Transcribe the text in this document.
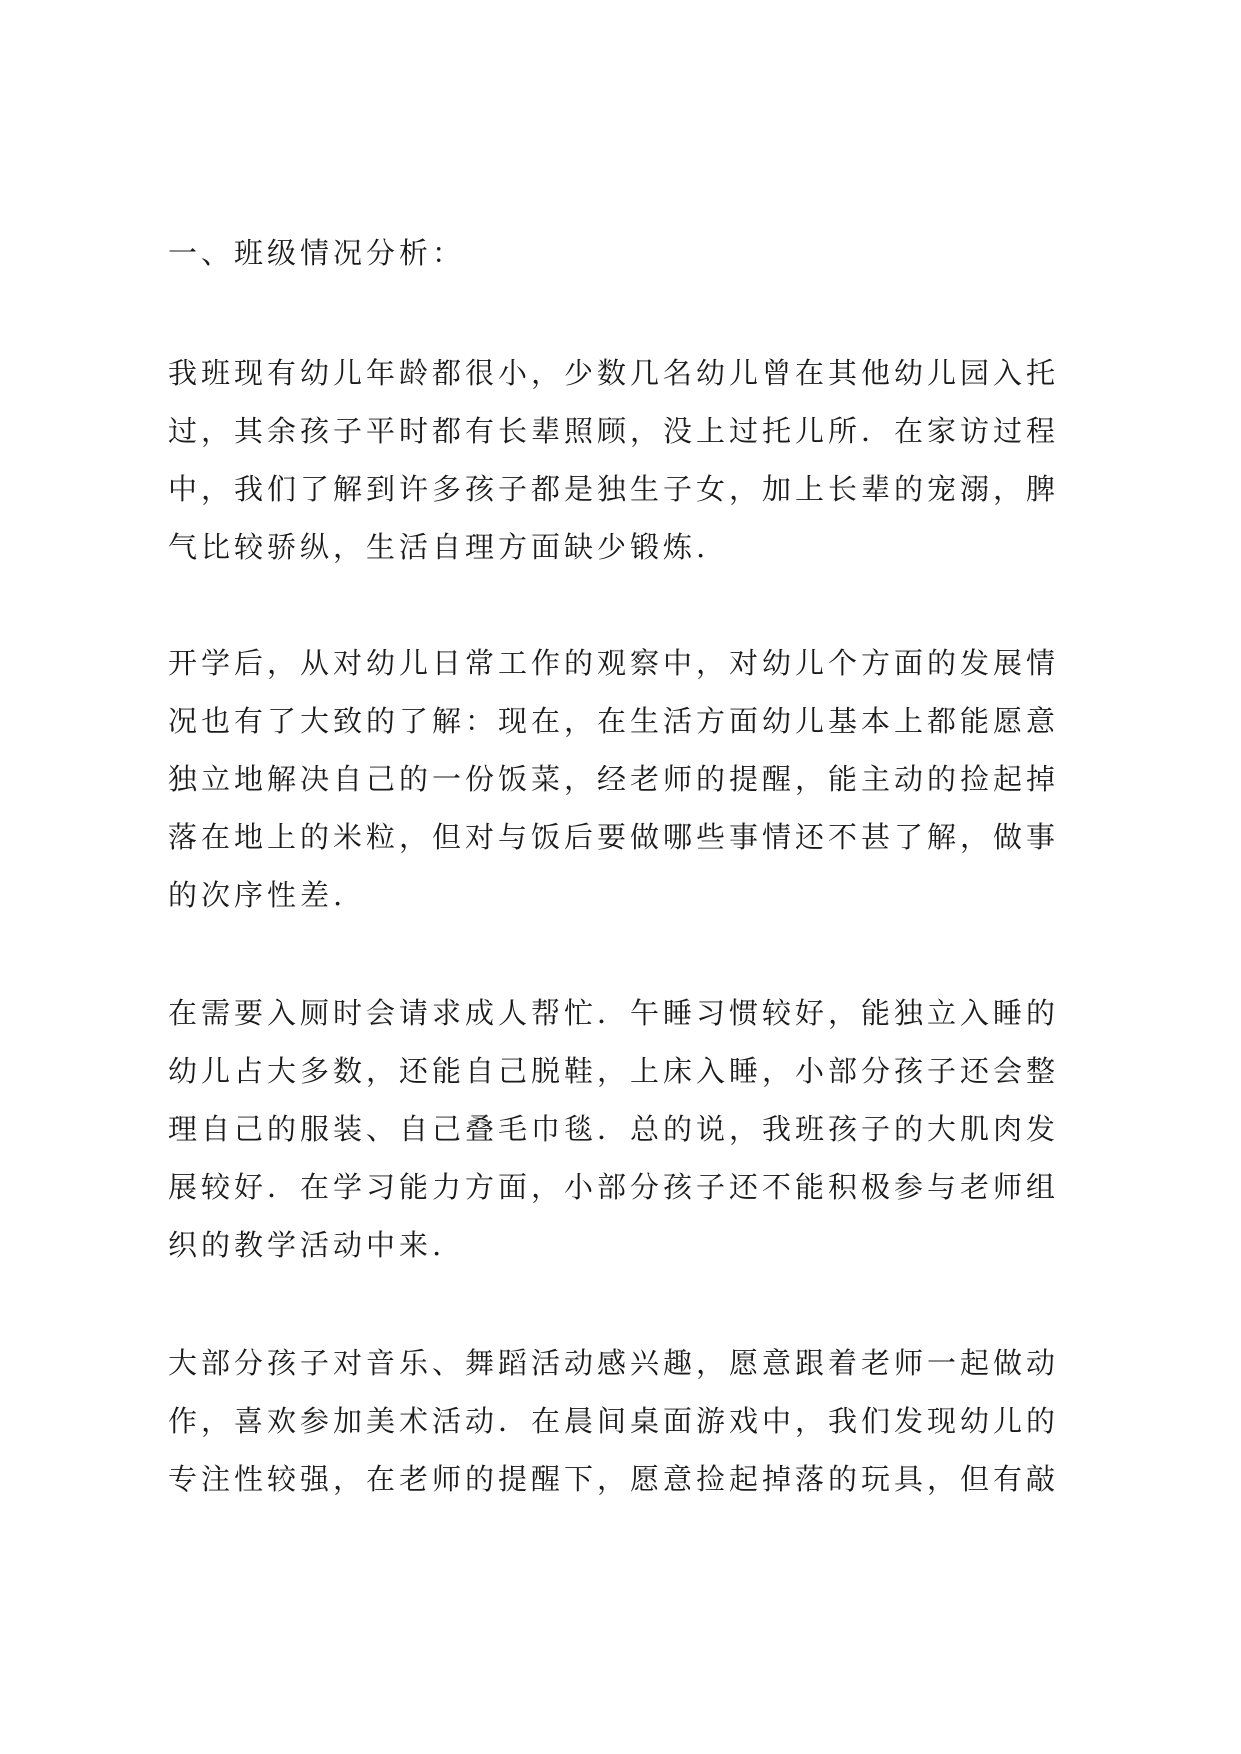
一、班级情况分析：
我班现有幼儿年龄都很小，少数几名幼儿曾在其他幼儿园入托
过，其余孩子平时都有长辈照顾，没上过托儿所．在家访过程
中，我们了解到许多孩子都是独生子女，加上长辈的宠溺，脾
气比较骄纵，生活自理方面缺少锻炼.
开学后，从对幼儿日常工作的观察中，对幼儿个方面的发展情
况也有了大致的了解：现在，在生活方面幼儿基本上都能愿意
独立地解决自己的一份饭菜，经老师的提醒，能主动的捡起掉
落在地上的米粒，但对与饭后要做哪些事情还不甚了解，做事
的次序性差.
在需要入厕时会请求成人帮忙．午睡习惯较好，能独立入睡的
幼儿占大多数，还能自己脱鞋，上床入睡，小部分孩子还会整
理自己的服装、自己叠毛巾毯．总的说，我班孩子的大肌肉发
展较好．在学习能力方面，小部分孩子还不能积极参与老师组
织的教学活动中来.
大部分孩子对音乐、舞蹈活动感兴趣，愿意跟着老师一起做动
作，喜欢参加美术活动．在晨间桌面游戏中，我们发现幼儿的
专注性较强，在老师的提醒下，愿意捡起掉落的玩具，但有敲
